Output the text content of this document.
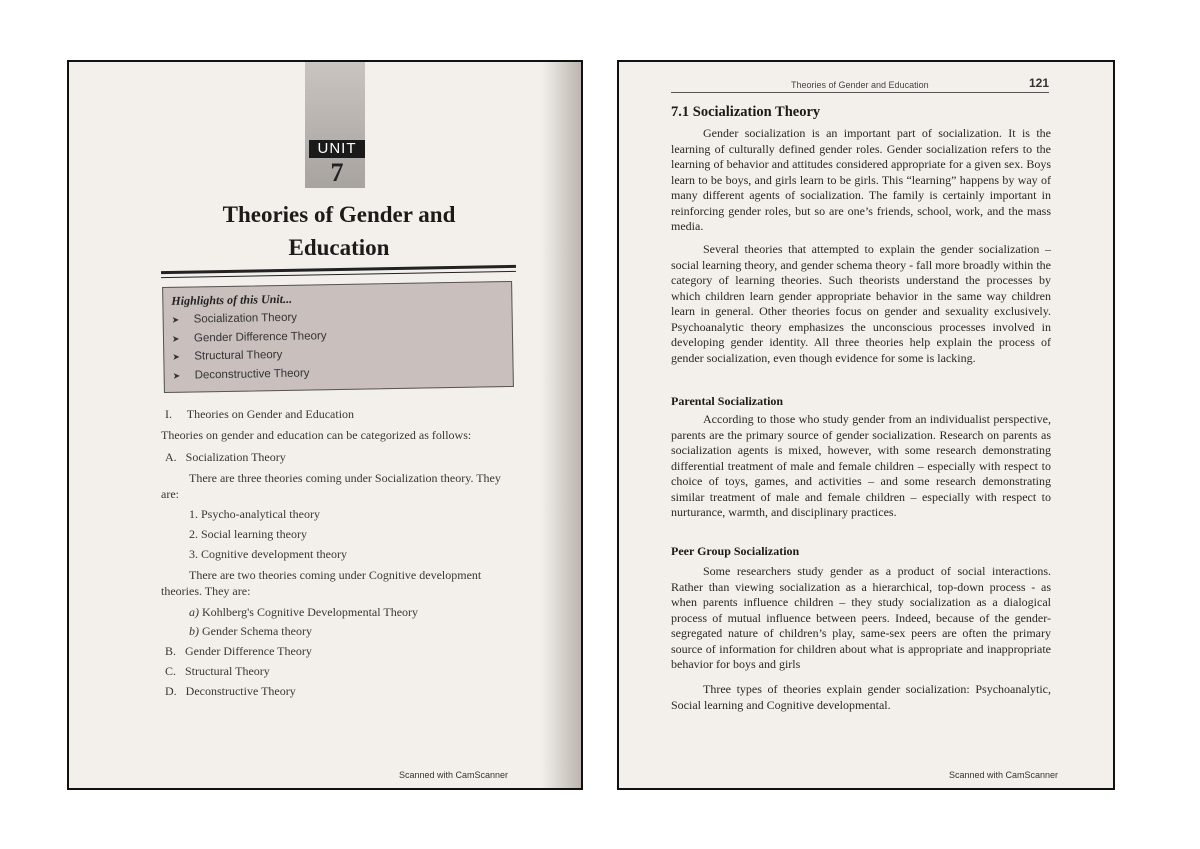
UNIT
7
Theories of Gender and
Education
Highlights of this Unit...
➤ Socialization Theory
➤ Gender Difference Theory
➤ Structural Theory
➤ Deconstructive Theory
I.     Theories on Gender and Education
Theories on gender and education can be categorized as follows:
A.   Socialization Theory
There are three theories coming under Socialization theory. They
are:
1. Psycho-analytical theory
2. Social learning theory
3. Cognitive development theory
There are two theories coming under Cognitive development
theories. They are:
a) Kohlberg's Cognitive Developmental Theory
b) Gender Schema theory
B.   Gender Difference Theory
C.   Structural Theory
D.   Deconstructive Theory
Scanned with CamScanner
Theories of Gender and Education	121
7.1 Socialization Theory

Gender socialization is an important part of socialization. It is the learning of culturally defined gender roles. Gender socialization refers to the learning of behavior and attitudes considered appropriate for a given sex. Boys learn to be boys, and girls learn to be girls. This “learning” happens by way of many different agents of socialization. The family is certainly important in reinforcing gender roles, but so are one’s friends, school, work, and the mass media.

Several theories that attempted to explain the gender socialization – social learning theory, and gender schema theory - fall more broadly within the category of learning theories. Such theorists understand the processes by which children learn gender appropriate behavior in the same way children learn in general. Other theories focus on gender and sexuality exclusively. Psychoanalytic theory emphasizes the unconscious processes involved in developing gender identity. All three theories help explain the process of gender socialization, even though evidence for some is lacking.

Parental Socialization

According to those who study gender from an individualist perspective, parents are the primary source of gender socialization. Research on parents as socialization agents is mixed, however, with some research demonstrating differential treatment of male and female children – especially with respect to choice of toys, games, and activities – and some research demonstrating similar treatment of male and female children – especially with respect to nurturance, warmth, and disciplinary practices.

Peer Group Socialization

Some researchers study gender as a product of social interactions. Rather than viewing socialization as a hierarchical, top-down process - as when parents influence children – they study socialization as a dialogical process of mutual influence between peers. Indeed, because of the gender-segregated nature of children’s play, same-sex peers are often the primary source of information for children about what is appropriate and inappropriate behavior for boys and girls

Three types of theories explain gender socialization: Psychoanalytic, Social learning and Cognitive developmental.

Scanned with CamScanner
